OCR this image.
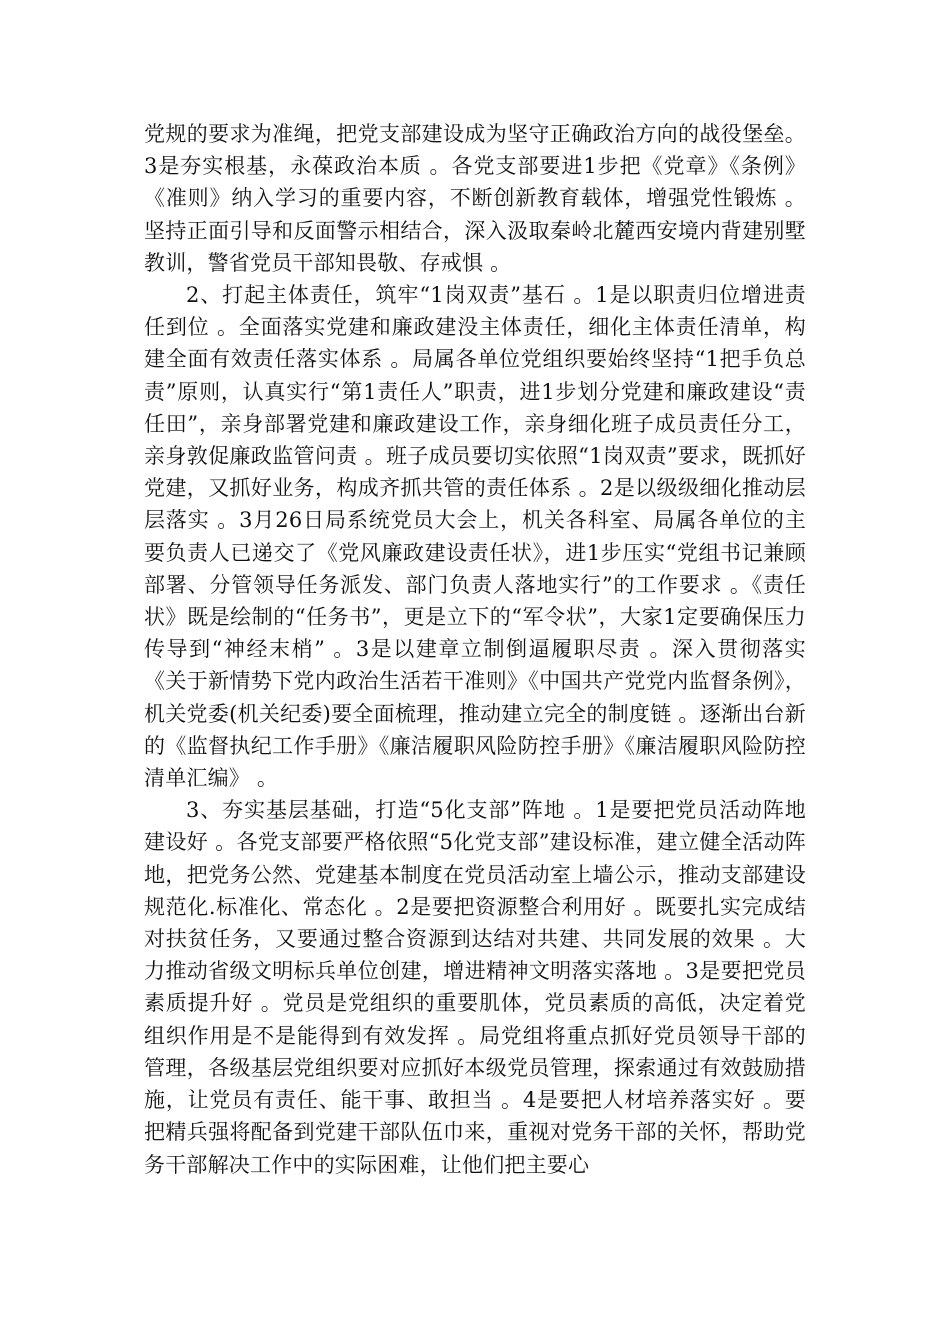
党规的要求为准绳，把党支部建设成为坚守正确政治方向的战役堡垒。3是夯实根基，永葆政治本质 。各党支部要进1步把《党章》《条例》《准则》纳入学习的重要内容，不断创新教育载体，增强党性锻炼 。坚持正面引导和反面警示相结合，深入汲取秦岭北麓西安境内背建别墅教训，警省党员干部知畏敬、存戒惧 。

2、打起主体责任，筑牢“1岗双责”基石 。1是以职责归位增进责任到位 。全面落实党建和廉政建没主体责任，细化主体责任清单，构建全面有效责任落实体系 。局属各单位党组织要始终坚持“1把手负总责”原则，认真实行“第1责任人”职责，进1步划分党建和廉政建设“责任田”，亲身部署党建和廉政建设工作，亲身细化班子成员责任分工，亲身敦促廉政监管问责 。班子成员要切实依照“1岗双责”要求，既抓好党建，又抓好业务，构成齐抓共管的责任体系 。2是以级级细化推动层层落实 。3月26日局系统党员大会上，机关各科室、局属各单位的主要负责人已递交了《党风廉政建设责任状》，进1步压实“党组书记兼顾部署、分管领导任务派发、部门负责人落地实行”的工作要求 。《责任状》既是绘制的“任务书”，更是立下的“军令状”，大家1定要确保压力传导到“神经末梢” 。3是以建章立制倒逼履职尽责 。深入贯彻落实《关于新情势下党内政治生活若干准则》《中国共产党党内监督条例》，机关党委(机关纪委)要全面梳理，推动建立完全的制度链 。逐渐出台新的《监督执纪工作手册》《廉洁履职风险防控手册》《廉洁履职风险防控清单汇编》 。

3、夯实基层基础，打造“5化支部”阵地 。1是要把党员活动阵地建设好 。各党支部要严格依照“5化党支部”建设标准，建立健全活动阵地，把党务公然、党建基本制度在党员活动室上墙公示，推动支部建设规范化.标准化、常态化 。2是要把资源整合利用好 。既要扎实完成结对扶贫任务，又要通过整合资源到达结对共建、共同发展的效果 。大力推动省级文明标兵单位创建，增进精神文明落实落地 。3是要把党员素质提升好 。党员是党组织的重要肌体，党员素质的高低，决定着党组织作用是不是能得到有效发挥 。局党组将重点抓好党员领导干部的管理，各级基层党组织要对应抓好本级党员管理，探索通过有效鼓励措施，让党员有责任、能干事、敢担当 。4是要把人材培养落实好 。要把精兵强将配备到党建干部队伍巾来，重视对党务干部的关怀，帮助党务干部解决工作中的实际困难，让他们把主要心
